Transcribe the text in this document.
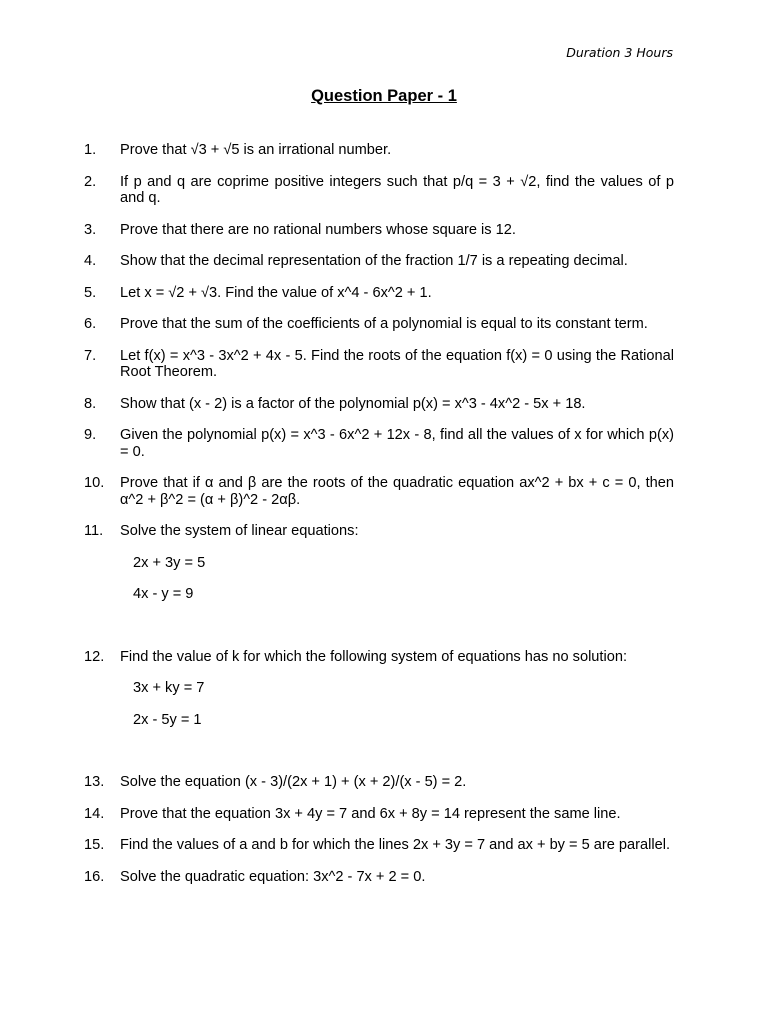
Duration 3 Hours
Question Paper - 1
1.	Prove that √3 + √5 is an irrational number.
2.	If p and q are coprime positive integers such that p/q = 3 + √2, find the values of p and q.
3.	Prove that there are no rational numbers whose square is 12.
4.	Show that the decimal representation of the fraction 1/7 is a repeating decimal.
5.	Let x = √2 + √3. Find the value of x^4 - 6x^2 + 1.
6.	Prove that the sum of the coefficients of a polynomial is equal to its constant term.
7.	Let f(x) = x^3 - 3x^2 + 4x - 5. Find the roots of the equation f(x) = 0 using the Rational Root Theorem.
8.	Show that (x - 2) is a factor of the polynomial p(x) = x^3 - 4x^2 - 5x + 18.
9.	Given the polynomial p(x) = x^3 - 6x^2 + 12x - 8, find all the values of x for which p(x) = 0.
10.	Prove that if α and β are the roots of the quadratic equation ax^2 + bx + c = 0, then α^2 + β^2 = (α + β)^2 - 2αβ.
11.	Solve the system of linear equations:
2x + 3y = 5
4x - y = 9
12.	Find the value of k for which the following system of equations has no solution:
3x + ky = 7
2x - 5y = 1
13.	Solve the equation (x - 3)/(2x + 1) + (x + 2)/(x - 5) = 2.
14.	Prove that the equation 3x + 4y = 7 and 6x + 8y = 14 represent the same line.
15.	Find the values of a and b for which the lines 2x + 3y = 7 and ax + by = 5 are parallel.
16.	Solve the quadratic equation: 3x^2 - 7x + 2 = 0.
